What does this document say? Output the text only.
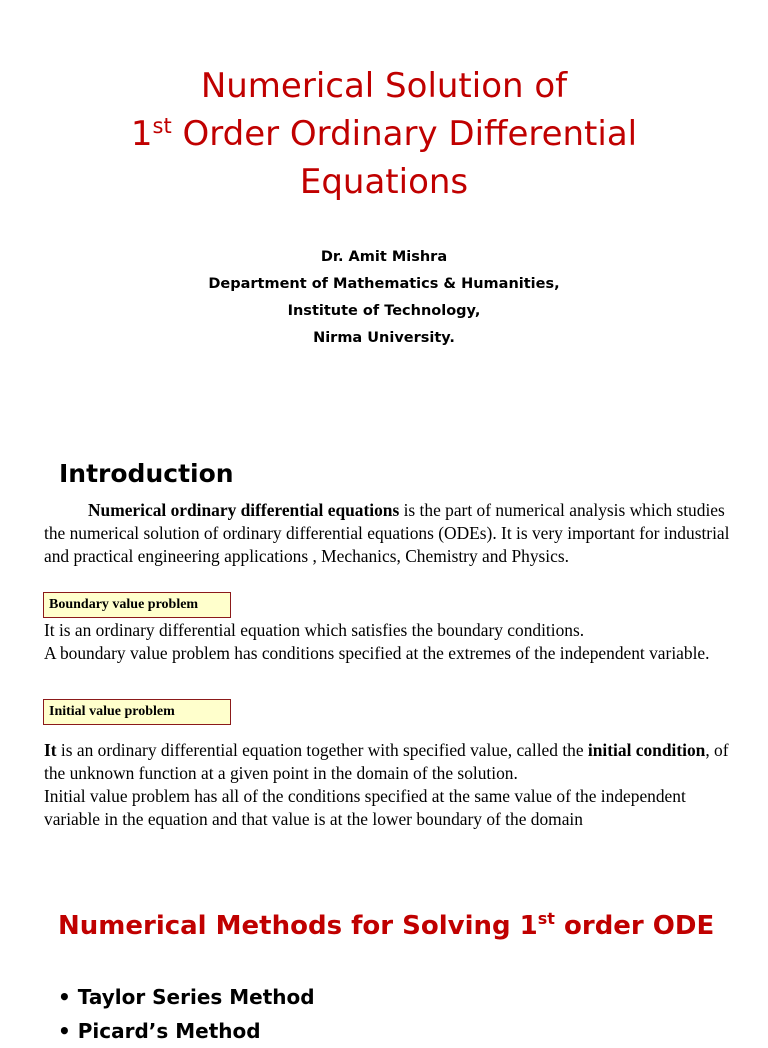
Numerical Solution of
1st Order Ordinary Differential
Equations
Dr. Amit Mishra
Department of Mathematics & Humanities,
Institute of Technology,
Nirma University.
Introduction
Numerical ordinary differential equations is the part of numerical analysis which studies the numerical solution of ordinary differential equations (ODEs). It is very important for industrial and practical engineering applications , Mechanics, Chemistry and Physics.
Boundary value problem
It is an ordinary differential equation which satisfies the boundary conditions.
A boundary value problem has conditions specified at the extremes of the independent variable.
Initial value problem
It is an ordinary differential equation together with specified value, called the initial condition, of the unknown function at a given point in the domain of the solution.
Initial value problem has all of the conditions specified at the same value of the independent variable in the equation and that value is at the lower boundary of the domain
Numerical Methods for Solving 1st order ODE
• Taylor Series Method
• Picard’s Method
